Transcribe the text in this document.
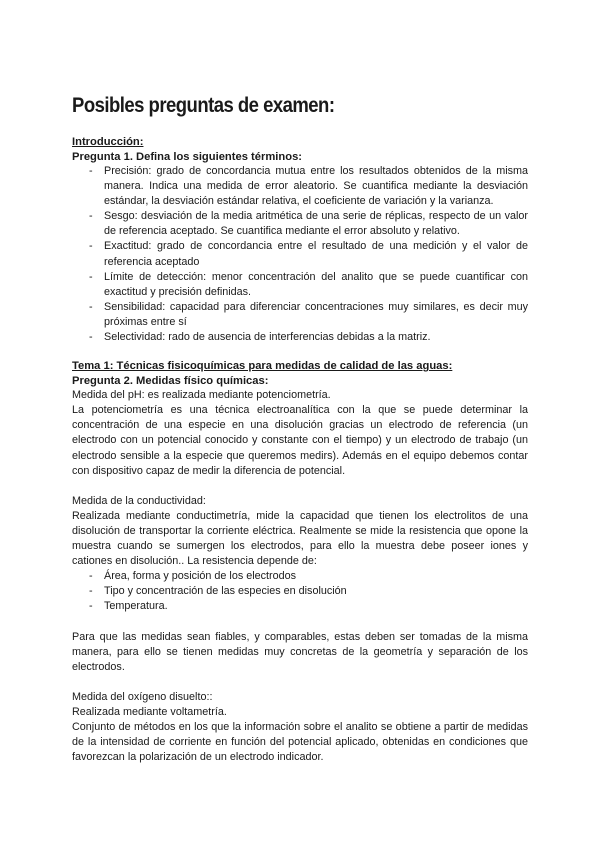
Posibles preguntas de examen:
Introducción:
Pregunta 1. Defina los siguientes términos:
- Precisión: grado de concordancia mutua entre los resultados obtenidos de la misma manera. Indica una medida de error aleatorio. Se cuantifica mediante la desviación estándar, la desviación estándar relativa, el coeficiente de variación y la varianza.
- Sesgo: desviación de la media aritmética de una serie de réplicas, respecto de un valor de referencia aceptado. Se cuantifica mediante el error absoluto y relativo.
- Exactitud: grado de concordancia entre el resultado de una medición y el valor de referencia aceptado
- Límite de detección: menor concentración del analito que se puede cuantificar con exactitud y precisión definidas.
- Sensibilidad: capacidad para diferenciar concentraciones muy similares, es decir muy próximas entre sí
- Selectividad: rado de ausencia de interferencias debidas a la matriz.
Tema 1: Técnicas fisicoquímicas para medidas de calidad de las aguas:
Pregunta 2. Medidas físico químicas:

Medida del pH: es realizada mediante potenciometría.

La potenciometría es una técnica electroanalítica con la que se puede determinar la concentración de una especie en una disolución gracias un electrodo de referencia (un electrodo con un potencial conocido y constante con el tiempo) y un electrodo de trabajo (un electrodo sensible a la especie que queremos medirs). Además en el equipo debemos contar con dispositivo capaz de medir la diferencia de potencial.

Medida de la conductividad:

Realizada mediante conductimetría, mide la capacidad que tienen los electrolitos de una disolución de transportar la corriente eléctrica. Realmente se mide la resistencia que opone la muestra cuando se sumergen los electrodos, para ello la muestra debe poseer iones y cationes en disolución.. La resistencia depende de:

- Área, forma y posición de los electrodos
- Tipo y concentración de las especies en disolución
- Temperatura.

Para que las medidas sean fiables, y comparables, estas deben ser tomadas de la misma manera, para ello se tienen medidas muy concretas de la geometría y separación de los electrodos.

Medida del oxígeno disuelto::

Realizada mediante voltametría.

Conjunto de métodos en los que la información sobre el analito se obtiene a partir de medidas de la intensidad de corriente en función del potencial aplicado, obtenidas en condiciones que favorezcan la polarización de un electrodo indicador.
